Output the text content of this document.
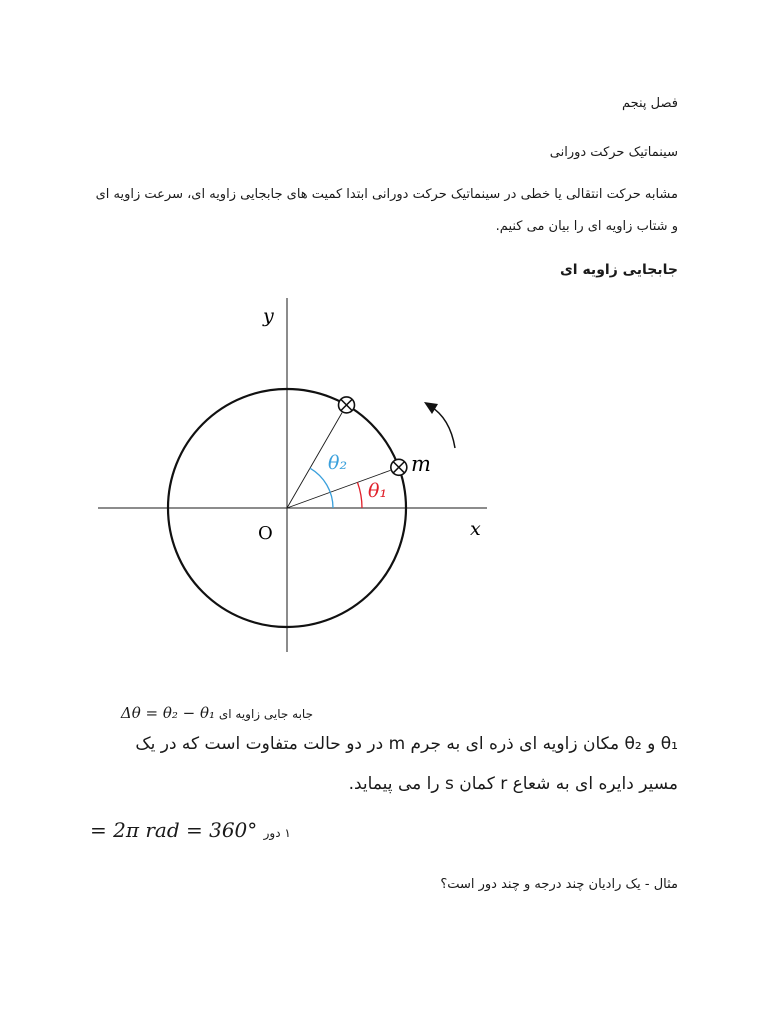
فصل پنجم
سینماتیک حرکت دورانی
مشابه حرکت انتقالی یا خطی در سینماتیک حرکت دورانی ابتدا کمیت های جابجایی زاویه ای، سرعت زاویه ای
و شتاب زاویه ای را بیان می کنیم.
جابجایی زاویه ای
y
x
O
m
θ₂
θ₁
جابه جایی زاویه ای Δθ = θ₂ − θ₁
θ₁ و θ₂ مکان زاویه ای ذره ای به جرم m در دو حالت متفاوت است که در یک
مسیر دایره ای به شعاع r کمان s را می پیماید.
۱ دور = 2π rad = 360°
مثال - یک رادیان چند درجه و چند دور است؟
